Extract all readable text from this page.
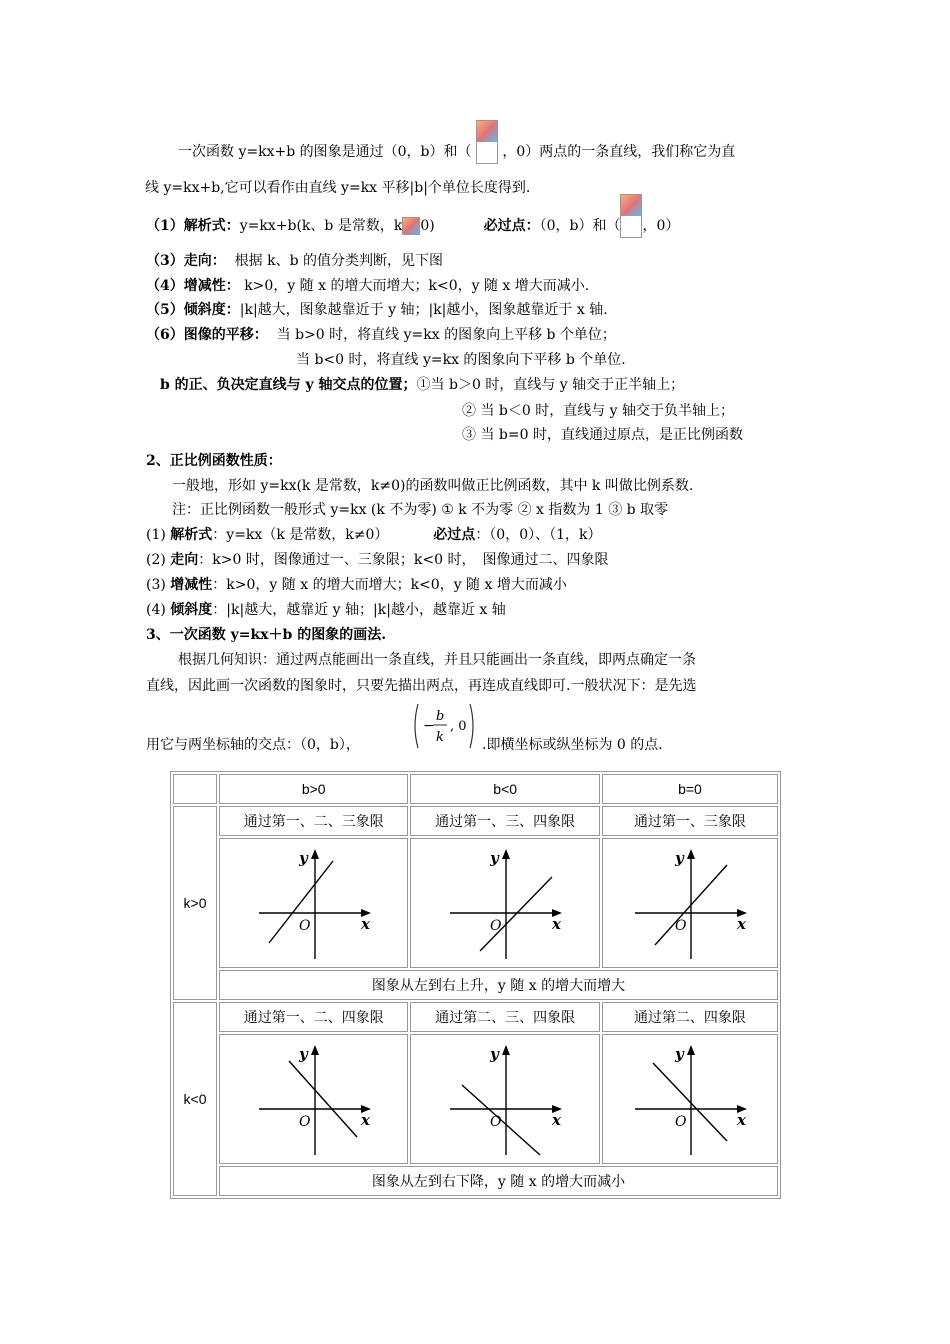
一次函数 y=kx+b 的图象是通过（0，b）和（ ，0）两点的一条直线，我们称它为直
线 y=kx+b,它可以看作由直线 y=kx 平移|b|个单位长度得到.
（1）解析式：y=kx+b(k、b 是常数，k 0)	必过点：（0，b）和（ ，0）
（3）走向： 根据 k、b 的值分类判断，见下图
（4）增减性： k>0，y 随 x 的增大而增大；k<0，y 随 x 增大而减小.
（5）倾斜度：|k|越大，图象越靠近于 y 轴；|k|越小，图象越靠近于 x 轴.
（6）图像的平移： 当 b>0 时，将直线 y=kx 的图象向上平移 b 个单位；
当 b<0 时，将直线 y=kx 的图象向下平移 b 个单位.
b 的正、负决定直线与 y 轴交点的位置；①当 b＞0 时，直线与 y 轴交于正半轴上；
② 当 b＜0 时，直线与 y 轴交于负半轴上；
③ 当 b=0 时，直线通过原点，是正比例函数
2、正比例函数性质：
一般地，形如 y=kx(k 是常数，k≠0)的函数叫做正比例函数，其中 k 叫做比例系数.
注：正比例函数一般形式 y=kx (k 不为零) ① k 不为零 ② x 指数为 1 ③ b 取零
(1) 解析式：y=kx（k 是常数，k≠0）	必过点：（0，0）、（1，k）
(2) 走向：k>0 时，图像通过一、三象限；k<0 时，　图像通过二、四象限
(3) 增减性：k>0，y 随 x 的增大而增大；k<0，y 随 x 增大而减小
(4) 倾斜度：|k|越大，越靠近 y 轴；|k|越小，越靠近 x 轴
3、一次函数 y=kx＋b 的图象的画法.
根据几何知识：通过两点能画出一条直线，并且只能画出一条直线，即两点确定一条
直线，因此画一次函数的图象时，只要先描出两点，再连成直线即可.一般状况下：是先选
用它与两坐标轴的交点：（0，b），
−
b
k
, 0
.即横坐标或纵坐标为 0 的点.
	b>0	b<0	b=0
k>0	通过第一、二、三象限	通过第一、三、四象限	通过第一、三象限

x
y
O	x
y
O	x
y
O

	图象从左到右上升，y 随 x 的增大而增大		
k<0	通过第一、二、四象限	通过第二、三、四象限	通过第二、四象限

x
y
O	x
y
O	x
y
O

	图象从左到右下降，y 随 x 的增大而减小		
